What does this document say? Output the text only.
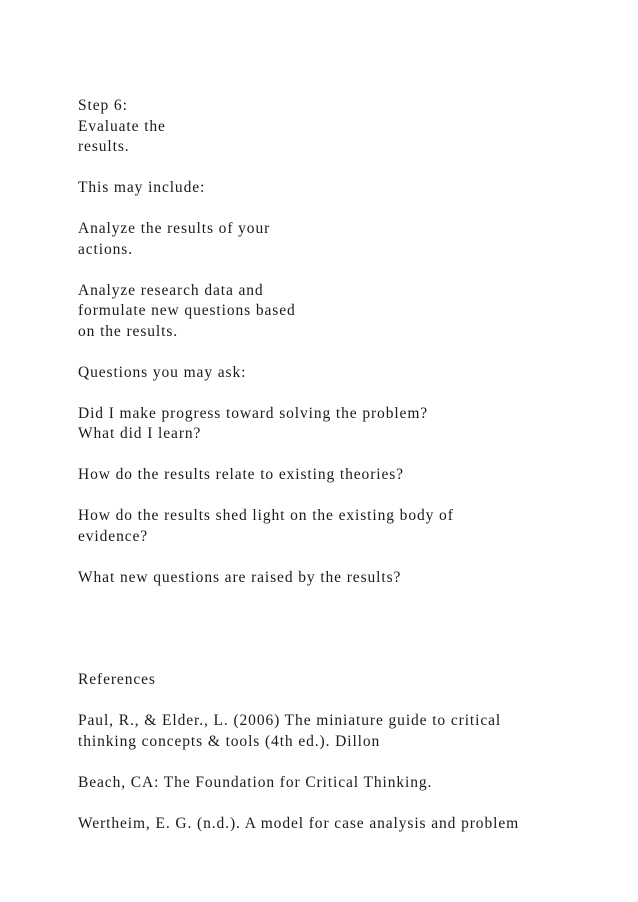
Step 6:
Evaluate the
results.
This may include:
Analyze the results of your
actions.
Analyze research data and
formulate new questions based
on the results.
Questions you may ask:
Did I make progress toward solving the problem?
What did I learn?
How do the results relate to existing theories?
How do the results shed light on the existing body of
evidence?
What new questions are raised by the results?
References
Paul, R., & Elder., L. (2006) The miniature guide to critical
thinking concepts & tools (4th ed.). Dillon
Beach, CA: The Foundation for Critical Thinking.
Wertheim, E. G. (n.d.). A model for case analysis and problem
